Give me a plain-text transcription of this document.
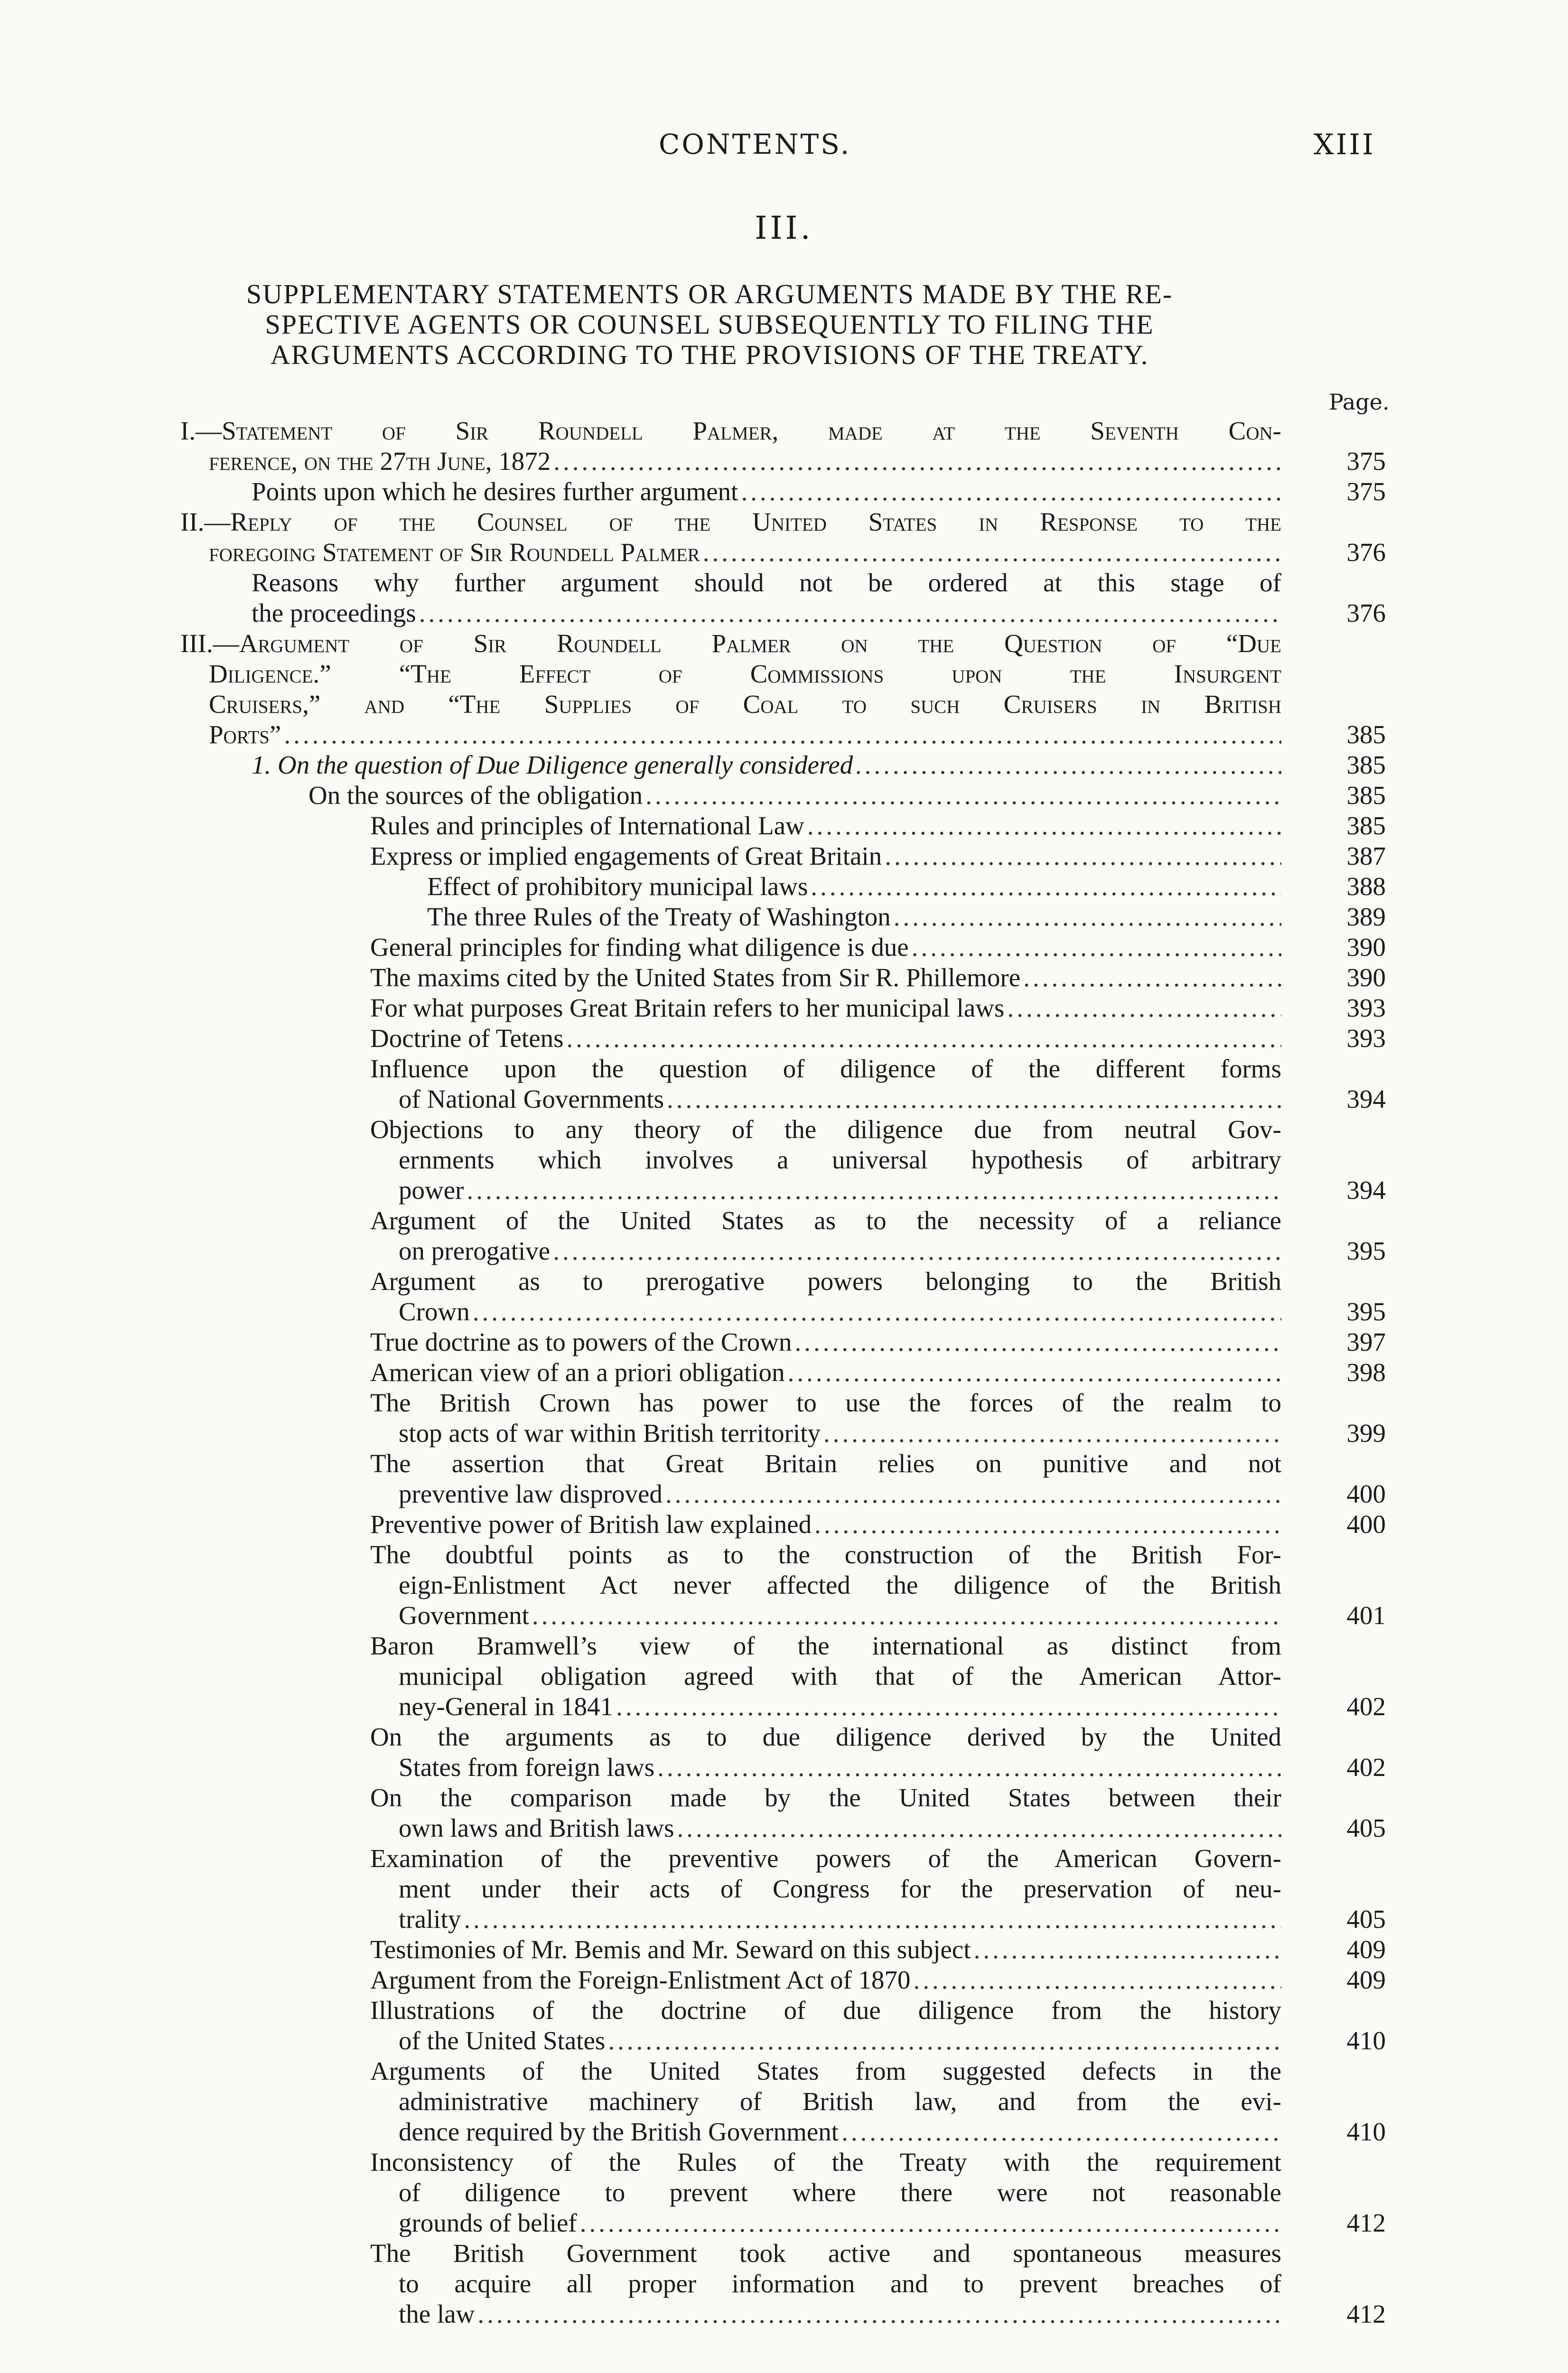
CONTENTS.	XIII
III.
SUPPLEMENTARY STATEMENTS OR ARGUMENTS MADE BY THE RE-
SPECTIVE AGENTS OR COUNSEL SUBSEQUENTLY TO FILING THE
ARGUMENTS ACCORDING TO THE PROVISIONS OF THE TREATY.
Page.
I.—Statement of Sir Roundell Palmer, made at the Seventh Con-
ference, on the 27th June, 1872 .....	375
Points upon which he desires further argument .....	375
II.—Reply of the Counsel of the United States in Response to the
foregoing Statement of Sir Roundell Palmer .....	376
Reasons why further argument should not be ordered at this stage of
the proceedings .....	376
III.—Argument of Sir Roundell Palmer on the Question of “Due
Diligence.” “The Effect of Commissions upon the Insurgent
Cruisers,” and “The Supplies of Coal to such Cruisers in British
Ports” .....	385
1. On the question of Due Diligence generally considered .....	385
On the sources of the obligation .....	385
Rules and principles of International Law .....	385
Express or implied engagements of Great Britain .....	387
Effect of prohibitory municipal laws .....	388
The three Rules of the Treaty of Washington .....	389
General principles for finding what diligence is due .....	390
The maxims cited by the United States from Sir R. Phillemore .....	390
For what purposes Great Britain refers to her municipal laws .....	393
Doctrine of Tetens .....	393
Influence upon the question of diligence of the different forms
of National Governments .....	394
Objections to any theory of the diligence due from neutral Gov-
ernments which involves a universal hypothesis of arbitrary
power .....	394
Argument of the United States as to the necessity of a reliance
on prerogative .....	395
Argument as to prerogative powers belonging to the British
Crown .....	395
True doctrine as to powers of the Crown .....	397
American view of an a priori obligation .....	398
The British Crown has power to use the forces of the realm to
stop acts of war within British territority .....	399
The assertion that Great Britain relies on punitive and not
preventive law disproved .....	400
Preventive power of British law explained .....	400
The doubtful points as to the construction of the British For-
eign-Enlistment Act never affected the diligence of the British
Government .....	401
Baron Bramwell’s view of the international as distinct from
municipal obligation agreed with that of the American Attor-
ney-General in 1841 .....	402
On the arguments as to due diligence derived by the United
States from foreign laws .....	402
On the comparison made by the United States between their
own laws and British laws .....	405
Examination of the preventive powers of the American Govern-
ment under their acts of Congress for the preservation of neu-
trality .....	405
Testimonies of Mr. Bemis and Mr. Seward on this subject .....	409
Argument from the Foreign-Enlistment Act of 1870 .....	409
Illustrations of the doctrine of due diligence from the history
of the United States .....	410
Arguments of the United States from suggested defects in the
administrative machinery of British law, and from the evi-
dence required by the British Government .....	410
Inconsistency of the Rules of the Treaty with the requirement
of diligence to prevent where there were not reasonable
grounds of belief .....	412
The British Government took active and spontaneous measures
to acquire all proper information and to prevent breaches of
the law .....	412
